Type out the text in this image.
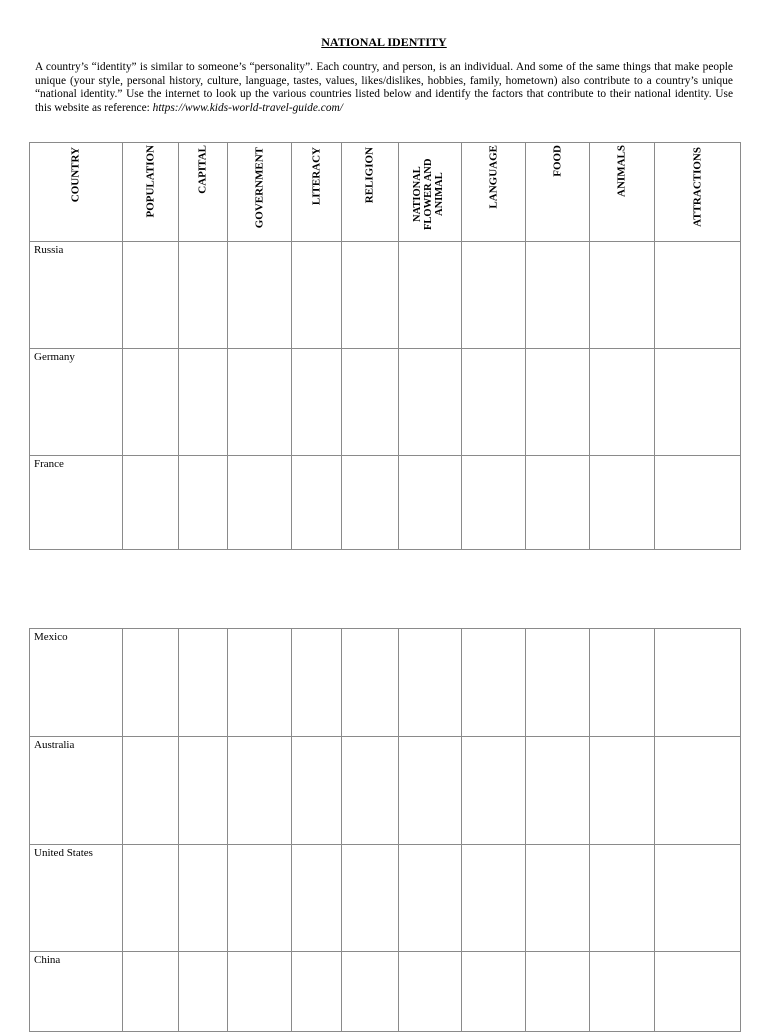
NATIONAL IDENTITY
A country’s “identity” is similar to someone’s “personality”. Each country, and person, is an individual. And some of the same things that make people unique (your style, personal history, culture, language, tastes, values, likes/dislikes, hobbies, family, hometown) also contribute to a country’s unique “national identity.” Use the internet to look up the various countries listed below and identify the factors that contribute to their national identity. Use this website as reference: https://www.kids-world-travel-guide.com/
COUNTRY	POPULATION	CAPITAL	GOVERNMENT	LITERACY	RELIGION	NATIONAL FLOWER AND ANIMAL	LANGUAGE	FOOD	ANIMALS	ATTRACTIONS

Russia										

Germany										

France										

Mexico										

Australia										

United States										

China										
